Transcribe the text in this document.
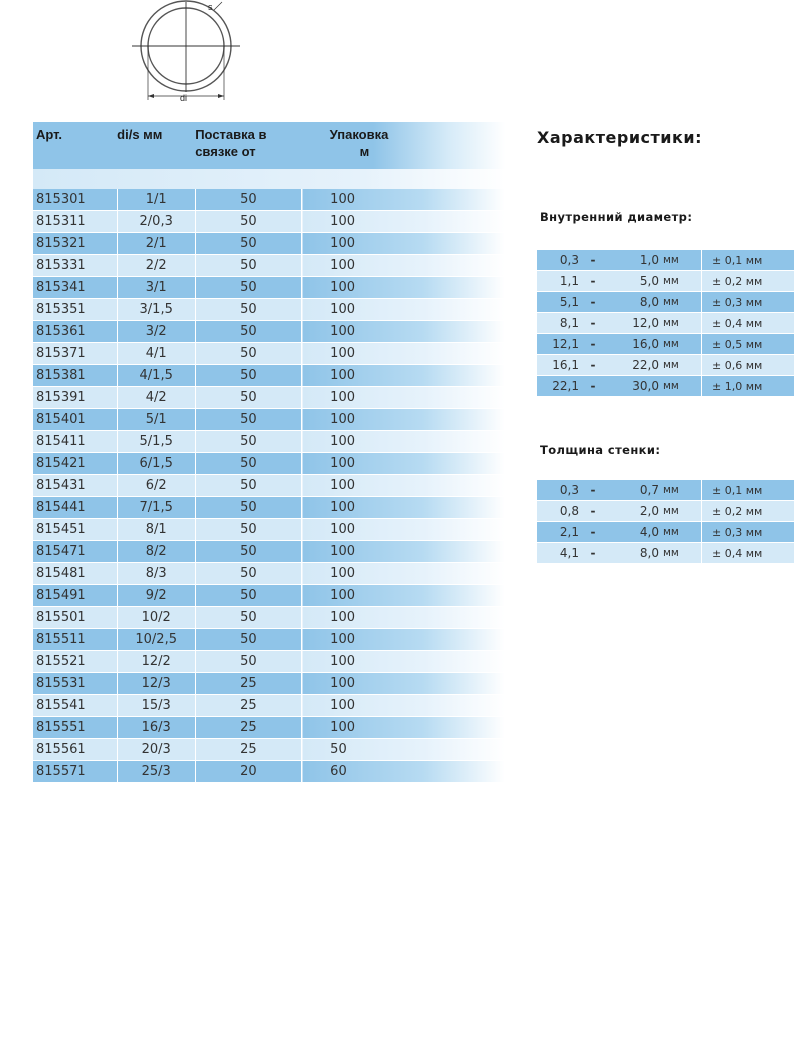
s
di
Арт.	di/s мм	Поставка в
связке от	Упаковка
м

815301	1/1	50	100
815311	2/0,3	50	100
815321	2/1	50	100
815331	2/2	50	100
815341	3/1	50	100
815351	3/1,5	50	100
815361	3/2	50	100
815371	4/1	50	100
815381	4/1,5	50	100
815391	4/2	50	100
815401	5/1	50	100
815411	5/1,5	50	100
815421	6/1,5	50	100
815431	6/2	50	100
815441	7/1,5	50	100
815451	8/1	50	100
815471	8/2	50	100
815481	8/3	50	100
815491	9/2	50	100
815501	10/2	50	100
815511	10/2,5	50	100
815521	12/2	50	100
815531	12/3	25	100
815541	15/3	25	100
815551	16/3	25	100
815561	20/3	25	50
815571	25/3	20	60
Характеристики:
Внутренний диаметр:
0,3	-	1,0	мм	± 0,1 мм
1,1	-	5,0	мм	± 0,2 мм
5,1	-	8,0	мм	± 0,3 мм
8,1	-	12,0	мм	± 0,4 мм
12,1	-	16,0	мм	± 0,5 мм
16,1	-	22,0	мм	± 0,6 мм
22,1	-	30,0	мм	± 1,0 мм
Толщина стенки:
0,3	-	0,7	мм	± 0,1 мм
0,8	-	2,0	мм	± 0,2 мм
2,1	-	4,0	мм	± 0,3 мм
4,1	-	8,0	мм	± 0,4 мм
